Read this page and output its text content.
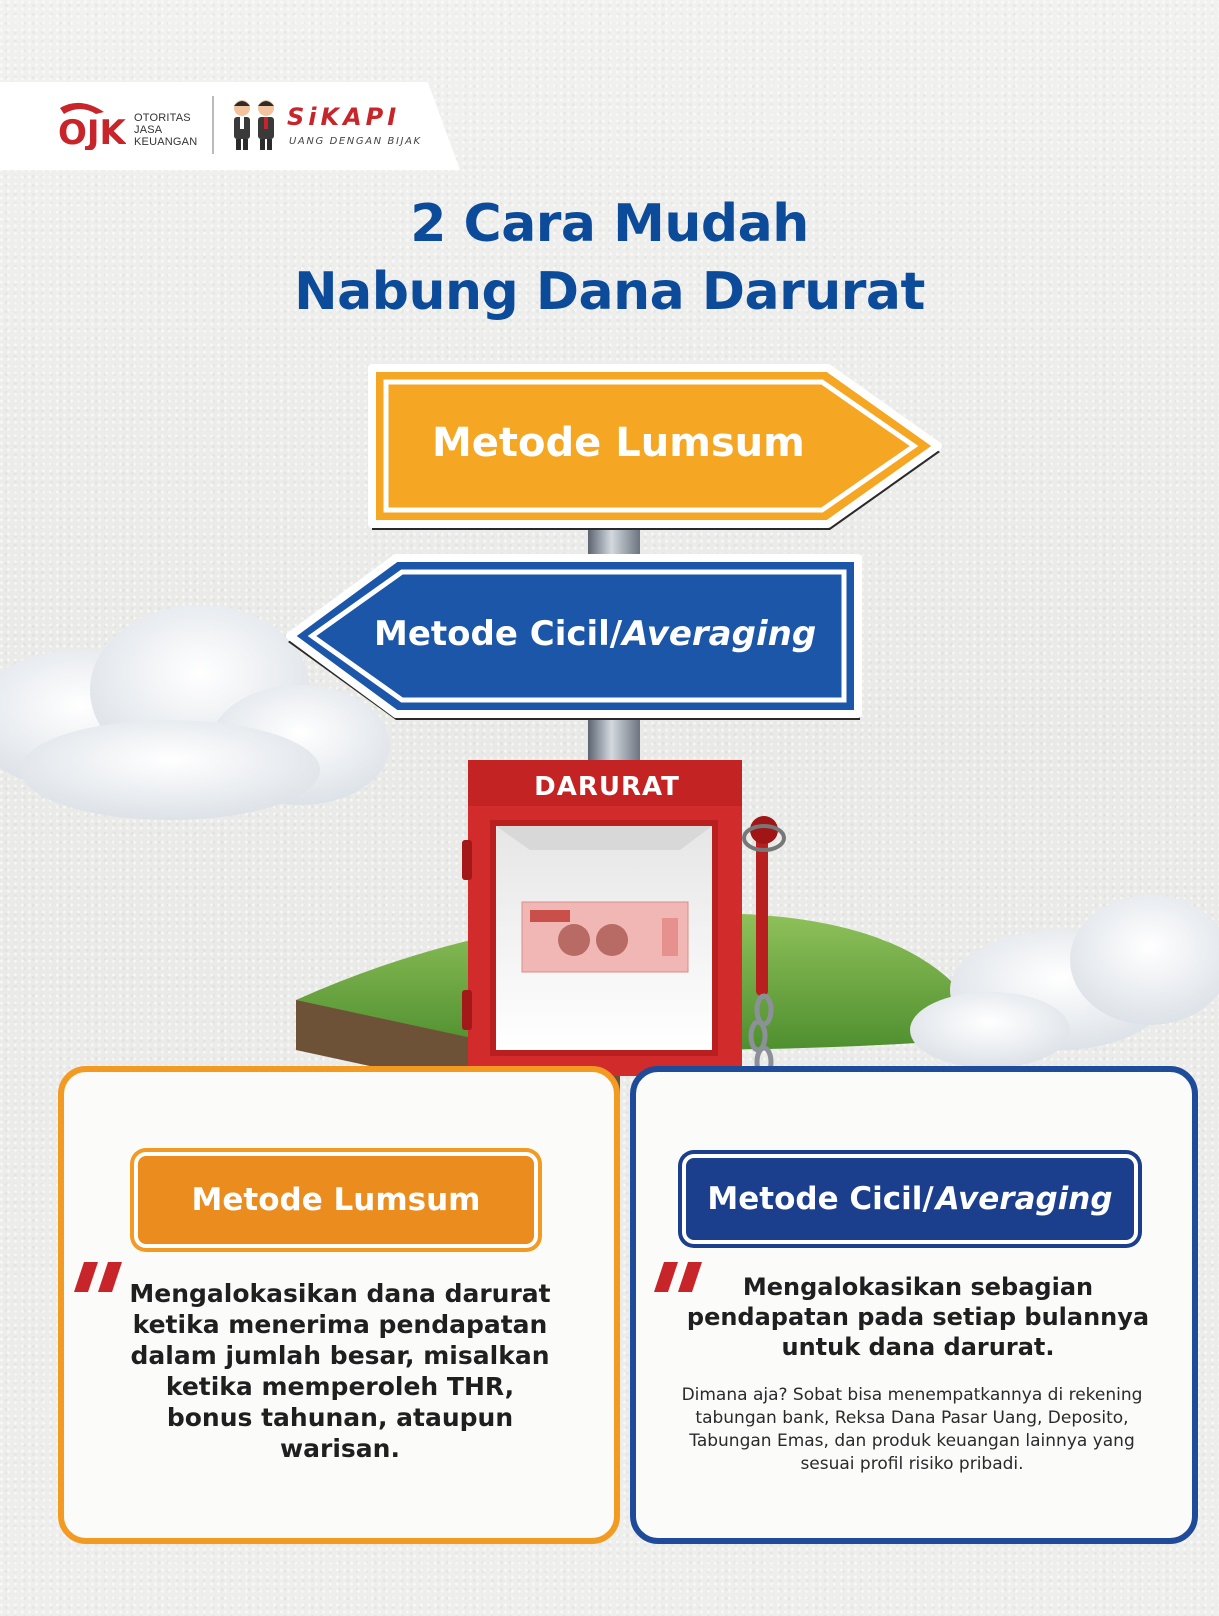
OJK OTORITAS
JASA
KEUANGAN
SiKAPI
UANG DENGAN BIJAK
2 Cara Mudah
Nabung Dana Darurat
Metode Lumsum
Metode Cicil/Averaging
DARURAT
Metode Lumsum	Metode Cicil/ Averaging
Mengalokasikan dana darurat ketika menerima pendapatan dalam jumlah besar, misalkan ketika memperoleh THR, bonus tahunan, ataupun warisan.
Mengalokasikan sebagian pendapatan pada setiap bulannya untuk dana darurat.
Dimana aja? Sobat bisa menempatkannya di rekening tabungan bank, Reksa Dana Pasar Uang, Deposito, Tabungan Emas, dan produk keuangan lainnya yang sesuai profil risiko pribadi.
